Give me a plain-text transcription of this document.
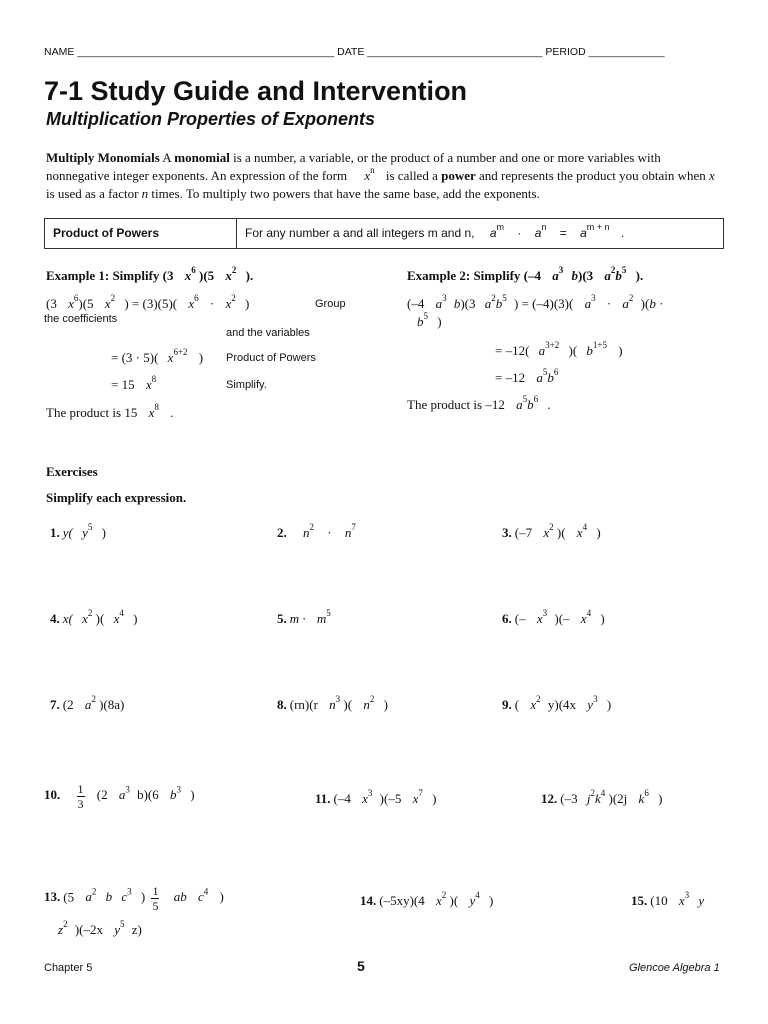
NAME ____________________________________________ DATE ______________________________ PERIOD _____________
7-1 Study Guide and Intervention
Multiplication Properties of Exponents
Multiply Monomials A monomial is a number, a variable, or the product of a number and one or more variables with nonnegative integer exponents. An expression of the form $x^n$ is called a power and represents the product you obtain when x is used as a factor n times. To multiply two powers that have the same base, add the exponents.
Product of Powers	For any number a and all integers m and n, $a^m \cdot a^n = a^{m + n}$ .
Example 1: Simplify (3 $x^6$ )(5 $x^2$ ).
(3 $x^6)(5$ $x^2$ ) = (3)(5)( $x^6 \cdot x^2$ )	Group
the coefficients
and the variables
= (3 · 5)( $x^{6+2}$ ) Product of Powers
= 15 $x^8$	Simplify.
The product is 15 $x^8$ .
Example 2: Simplify (–4 $a^3$ b)(3 $a^2b^5$ ).
(–4 $a^3$ b)(3 $a^2b^5$ ) = (–4)(3)( $a^3 \cdot a^2$ )(b ·
$b^5$ )
= –12( $a^{3+2}$ )( $b^{1+5}$ )
= –12 $a^5b^6$
The product is –12 $a^5b^6$ .
Exercises
Simplify each expression.
1. y( $y^5$ )	2. $n^2 \cdot n^7$	3. (–7 $x^2$ )( $x^4$ )
4. x( $x^2$ )( $x^4$ )	5. $m \cdot m^5$	6. (– $x^3$ )(– $x^4$ )
7. (2 $a^2$ )(8a)	8. (rn)(r $n^3$ )( $n^2$ )	9. ( $x^2$ y)(4x $y^3$ )
10. $\frac{1}{3} (2$ $a^3$ b)(6 $b^3$ )	11. (–4 $x^3$ )(–5 $x^7$ )	12. (–3 $j^2k^4$ )(2j $k^6$ )
13. (5 $a^2$ b $c^3$ ) $\frac{1}{5}$ ab $c^4$ )	14. (–5xy)(4 $x^2$ )( $y^4$ )	15. (10 $x^3$ y
$z^2$ )(–2x $y^5$ z)
Chapter 5	5	Glencoe Algebra 1
